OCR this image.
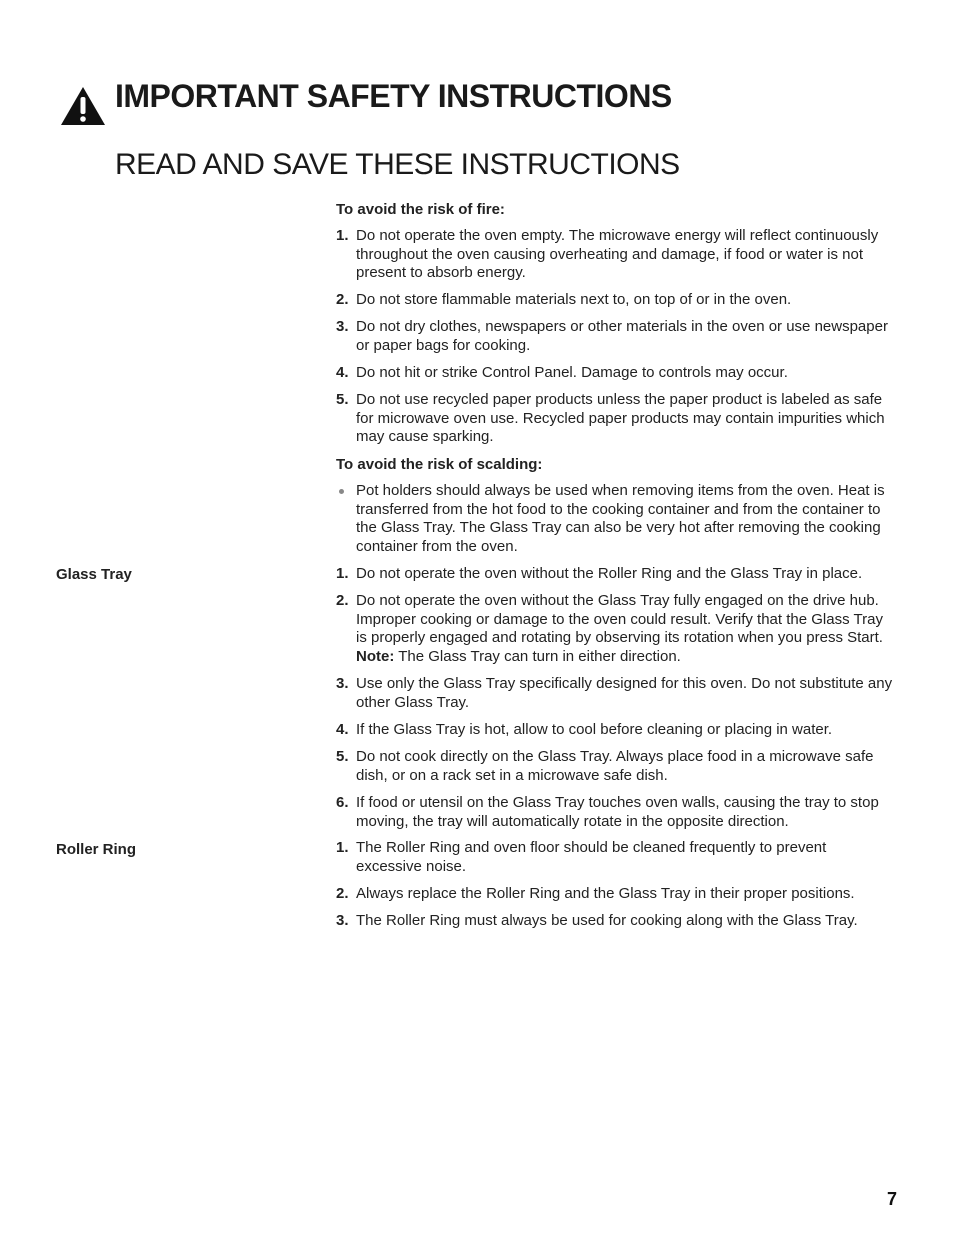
IMPORTANT SAFETY INSTRUCTIONS
READ AND SAVE THESE INSTRUCTIONS
To avoid the risk of fire:
1. Do not operate the oven empty. The microwave energy will reflect continuously throughout the oven causing overheating and damage, if food or water is not present to absorb energy.
2. Do not store flammable materials next to, on top of or in the oven.
3. Do not dry clothes, newspapers or other materials in the oven or use newspaper or paper bags for cooking.
4. Do not hit or strike Control Panel. Damage to controls may occur.
5. Do not use recycled paper products unless the paper product is labeled as safe for microwave oven use. Recycled paper products may contain impurities which may cause sparking.
To avoid the risk of scalding:
Pot holders should always be used when removing items from the oven. Heat is transferred from the hot food to the cooking container and from the container to the Glass Tray. The Glass Tray can also be very hot after removing the cooking container from the oven.
Glass Tray	1. Do not operate the oven without the Roller Ring and the Glass Tray in place.
2. Do not operate the oven without the Glass Tray fully engaged on the drive hub. Improper cooking or damage to the oven could result. Verify that the Glass Tray is properly engaged and rotating by observing its rotation when you press Start. Note: The Glass Tray can turn in either direction.
3. Use only the Glass Tray specifically designed for this oven. Do not substitute any other Glass Tray.
4. If the Glass Tray is hot, allow to cool before cleaning or placing in water.
5. Do not cook directly on the Glass Tray. Always place food in a microwave safe dish, or on a rack set in a microwave safe dish.
6. If food or utensil on the Glass Tray touches oven walls, causing the tray to stop moving, the tray will automatically rotate in the opposite direction.
Roller Ring	1. The Roller Ring and oven floor should be cleaned frequently to prevent excessive noise.
2. Always replace the Roller Ring and the Glass Tray in their proper positions.
3. The Roller Ring must always be used for cooking along with the Glass Tray.
7
